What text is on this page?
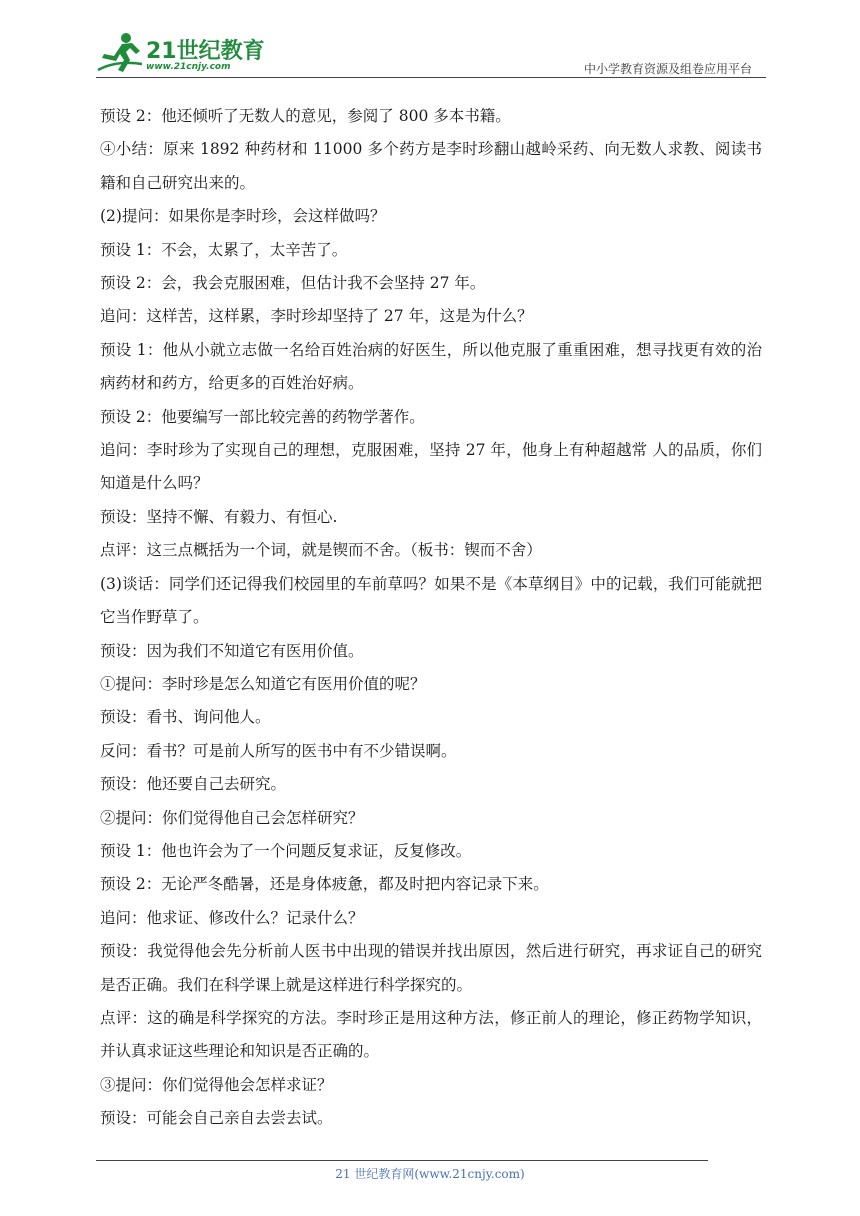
21世纪教育
www.21cnjy.com	中小学教育资源及组卷应用平台

预设 2：他还倾听了无数人的意见，参阅了 800 多本书籍。

④小结：原来 1892 种药材和 11000 多个药方是李时珍翻山越岭采药、向无数人求教、阅读书籍和自己研究出来的。

(2)提问：如果你是李时珍，会这样做吗？

预设 1：不会，太累了，太辛苦了。

预设 2：会，我会克服困难，但估计我不会坚持 27 年。

追问：这样苦，这样累，李时珍却坚持了 27 年，这是为什么？

预设 1：他从小就立志做一名给百姓治病的好医生，所以他克服了重重困难，想寻找更有效的治病药材和药方，给更多的百姓治好病。

预设 2：他要编写一部比较完善的药物学著作。

追问：李时珍为了实现自己的理想，克服困难，坚持 27 年，他身上有种超越常 人的品质，你们知道是什么吗？

预设：坚持不懈、有毅力、有恒心.

点评：这三点概括为一个词，就是锲而不舍。（板书：锲而不舍）

(3)谈话：同学们还记得我们校园里的车前草吗？如果不是《本草纲目》中的记载，我们可能就把它当作野草了。

预设：因为我们不知道它有医用价值。

①提问：李时珍是怎么知道它有医用价值的呢？

预设：看书、询问他人。

反问：看书？可是前人所写的医书中有不少错误啊。

预设：他还要自己去研究。

②提问：你们觉得他自己会怎样研究？

预设 1：他也许会为了一个问题反复求证，反复修改。

预设 2：无论严冬酷暑，还是身体疲惫，都及时把内容记录下来。

追问：他求证、修改什么？记录什么？

预设：我觉得他会先分析前人医书中出现的错误并找出原因，然后进行研究，再求证自己的研究是否正确。我们在科学课上就是这样进行科学探究的。

点评：这的确是科学探究的方法。李时珍正是用这种方法，修正前人的理论，修正药物学知识，并认真求证这些理论和知识是否正确的。

③提问：你们觉得他会怎样求证？

预设：可能会自己亲自去尝去试。

21 世纪教育网(www.21cnjy.com)
